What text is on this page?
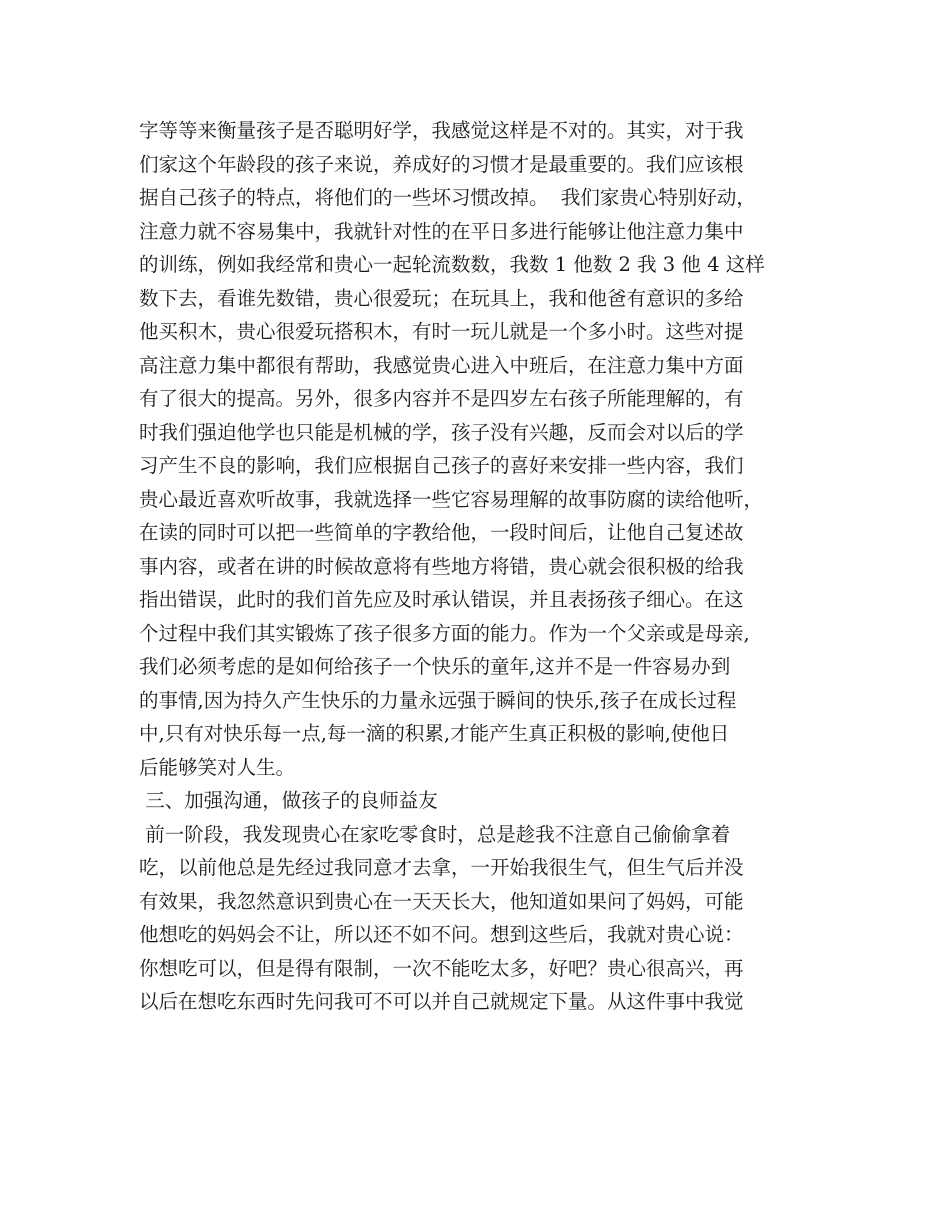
字等等来衡量孩子是否聪明好学，我感觉这样是不对的。其实，对于我
们家这个年龄段的孩子来说，养成好的习惯才是最重要的。我们应该根
据自己孩子的特点，将他们的一些坏习惯改掉。  我们家贵心特别好动，
注意力就不容易集中，我就针对性的在平日多进行能够让他注意力集中
的训练，例如我经常和贵心一起轮流数数，我数 1 他数 2 我 3 他 4 这样
数下去，看谁先数错，贵心很爱玩；在玩具上，我和他爸有意识的多给
他买积木，贵心很爱玩搭积木，有时一玩儿就是一个多小时。这些对提
高注意力集中都很有帮助，我感觉贵心进入中班后，在注意力集中方面
有了很大的提高。另外，很多内容并不是四岁左右孩子所能理解的，有
时我们强迫他学也只能是机械的学，孩子没有兴趣，反而会对以后的学
习产生不良的影响，我们应根据自己孩子的喜好来安排一些内容，我们
贵心最近喜欢听故事，我就选择一些它容易理解的故事防腐的读给他听，
在读的同时可以把一些简单的字教给他，一段时间后，让他自己复述故
事内容，或者在讲的时候故意将有些地方将错，贵心就会很积极的给我
指出错误，此时的我们首先应及时承认错误，并且表扬孩子细心。在这
个过程中我们其实锻炼了孩子很多方面的能力。作为一个父亲或是母亲,
我们必须考虑的是如何给孩子一个快乐的童年,这并不是一件容易办到
的事情,因为持久产生快乐的力量永远强于瞬间的快乐,孩子在成长过程
中,只有对快乐每一点,每一滴的积累,才能产生真正积极的影响,使他日
后能够笑对人生。
三、加强沟通，做孩子的良师益友
前一阶段，我发现贵心在家吃零食时，总是趁我不注意自己偷偷拿着
吃，以前他总是先经过我同意才去拿，一开始我很生气，但生气后并没
有效果，我忽然意识到贵心在一天天长大，他知道如果问了妈妈，可能
他想吃的妈妈会不让，所以还不如不问。想到这些后，我就对贵心说：
你想吃可以，但是得有限制，一次不能吃太多，好吧？贵心很高兴，再
以后在想吃东西时先问我可不可以并自己就规定下量。从这件事中我觉
